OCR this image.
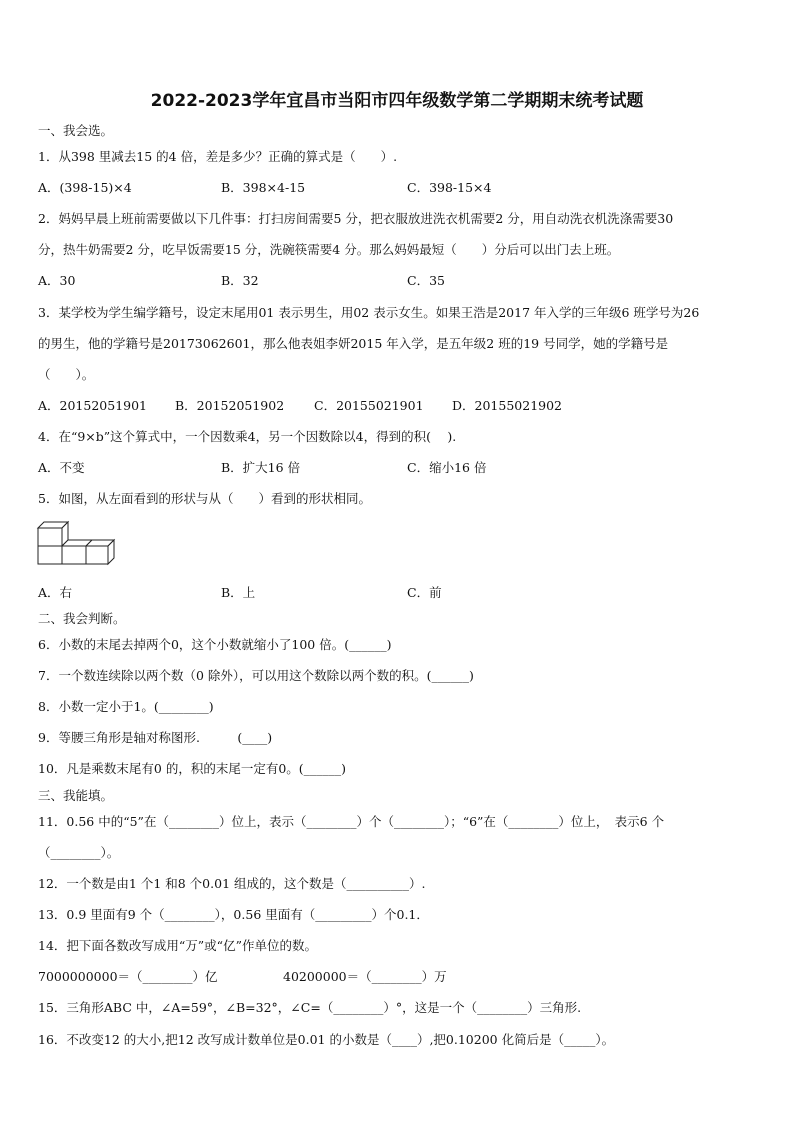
2022-2023学年宜昌市当阳市四年级数学第二学期期末统考试题
一、我会选。
1．从398 里减去15 的4 倍，差是多少？正确的算式是（　　）.
A．(398-15)×4	B．398×4-15	C．398-15×4
2．妈妈早晨上班前需要做以下几件事：打扫房间需要5 分，把衣服放进洗衣机需要2 分，用自动洗衣机洗涤需要30
分，热牛奶需要2 分，吃早饭需要15 分，洗碗筷需要4 分。那么妈妈最短（　　）分后可以出门去上班。
A．30	B．32	C．35
3．某学校为学生编学籍号，设定末尾用01 表示男生，用02 表示女生。如果王浩是2017 年入学的三年级6 班学号为26
的男生，他的学籍号是20173062601，那么他表姐李妍2015 年入学，是五年级2 班的19 号同学，她的学籍号是
（　　）。
A．20152051901 B．20152051902 C．20155021901 D．20155021902
4．在“9×b”这个算式中，一个因数乘4，另一个因数除以4，得到的积(　 ).
A．不变	B．扩大16 倍	C．缩小16 倍
5．如图，从左面看到的形状与从（　　）看到的形状相同。
A．右	B．上	C．前
二、我会判断。
6．小数的末尾去掉两个0，这个小数就缩小了100 倍。(______)
7．一个数连续除以两个数（0 除外），可以用这个数除以两个数的积。(______)
8．小数一定小于1。(________)
9．等腰三角形是轴对称图形.　　　(____)
10．凡是乘数末尾有0 的，积的末尾一定有0。(______)
三、我能填。
11．0.56 中的“5”在（________）位上，表示（________）个（________）；“6”在（________）位上，　表示6 个
（________）。
12．一个数是由1 个1 和8 个0.01 组成的，这个数是（__________）.
13．0.9 里面有9 个（________），0.56 里面有（_________）个0.1．
14．把下面各数改写成用“万”或“亿”作单位的数。
7000000000＝（________）亿	40200000＝（________）万
15．三角形ABC 中，∠A=59°，∠B=32°，∠C=（________）°，这是一个（________）三角形.
16．不改变12 的大小,把12 改写成计数单位是0.01 的小数是（____）,把0.10200 化简后是（_____）。
